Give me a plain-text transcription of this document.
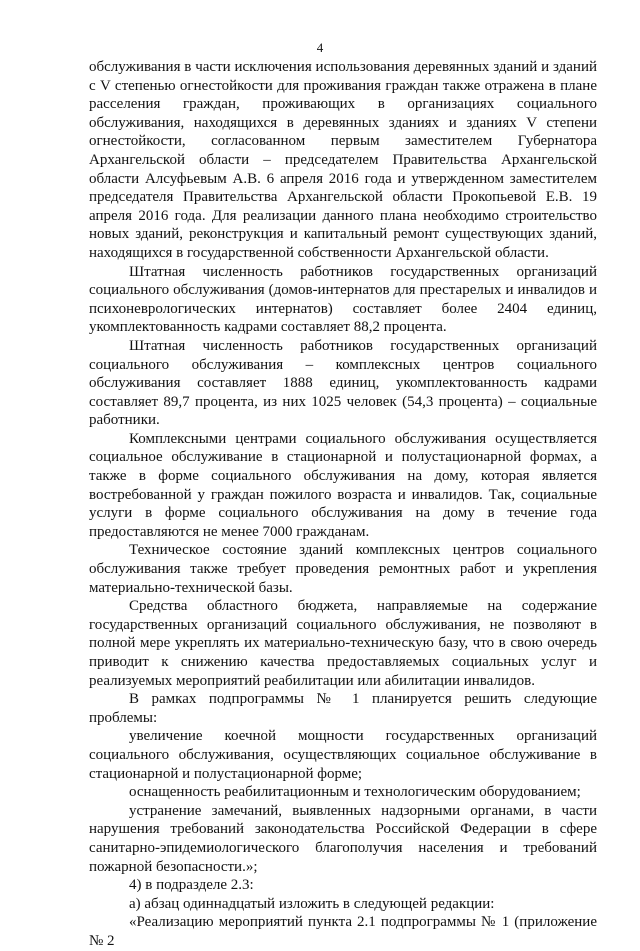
4

обслуживания в части исключения использования деревянных зданий и зданий с V степенью огнестойкости для проживания граждан также отражена в плане расселения граждан, проживающих в организациях социального обслуживания, находящихся в деревянных зданиях и зданиях V степени огнестойкости, согласованном первым заместителем Губернатора Архангельской области – председателем Правительства Архангельской области Алсуфьевым А.В. 6 апреля 2016 года и утвержденном заместителем председателя Правительства Архангельской области Прокопьевой Е.В. 19 апреля 2016 года. Для реализации данного плана необходимо строительство новых зданий, реконструкция и капитальный ремонт существующих зданий, находящихся в государственной собственности Архангельской области.

Штатная численность работников государственных организаций социального обслуживания (домов-интернатов для престарелых и инвалидов и психоневрологических интернатов) составляет более 2404 единиц, укомплектованность кадрами составляет 88,2 процента.

Штатная численность работников государственных организаций социального обслуживания – комплексных центров социального обслуживания составляет 1888 единиц, укомплектованность кадрами составляет 89,7 процента, из них 1025 человек (54,3 процента) – социальные работники.

Комплексными центрами социального обслуживания осуществляется социальное обслуживание в стационарной и полустационарной формах, а также в форме социального обслуживания на дому, которая является востребованной у граждан пожилого возраста и инвалидов. Так, социальные услуги в форме социального обслуживания на дому в течение года предоставляются не менее 7000 гражданам.

Техническое состояние зданий комплексных центров социального обслуживания также требует проведения ремонтных работ и укрепления материально-технической базы.

Средства областного бюджета, направляемые на содержание государственных организаций социального обслуживания, не позволяют в полной мере укреплять их материально-техническую базу, что в свою очередь приводит к снижению качества предоставляемых социальных услуг и реализуемых мероприятий реабилитации или абилитации инвалидов.

В рамках подпрограммы № 1 планируется решить следующие проблемы:

увеличение коечной мощности государственных организаций социального обслуживания, осуществляющих социальное обслуживание в стационарной и полустационарной форме;

оснащенность реабилитационным и технологическим оборудованием;

устранение замечаний, выявленных надзорными органами, в части нарушения требований законодательства Российской Федерации в сфере санитарно-эпидемиологического благополучия населения и требований пожарной безопасности.»;

4) в подразделе 2.3:

а) абзац одиннадцатый изложить в следующей редакции:

«Реализацию мероприятий пункта 2.1 подпрограммы № 1 (приложение № 2
